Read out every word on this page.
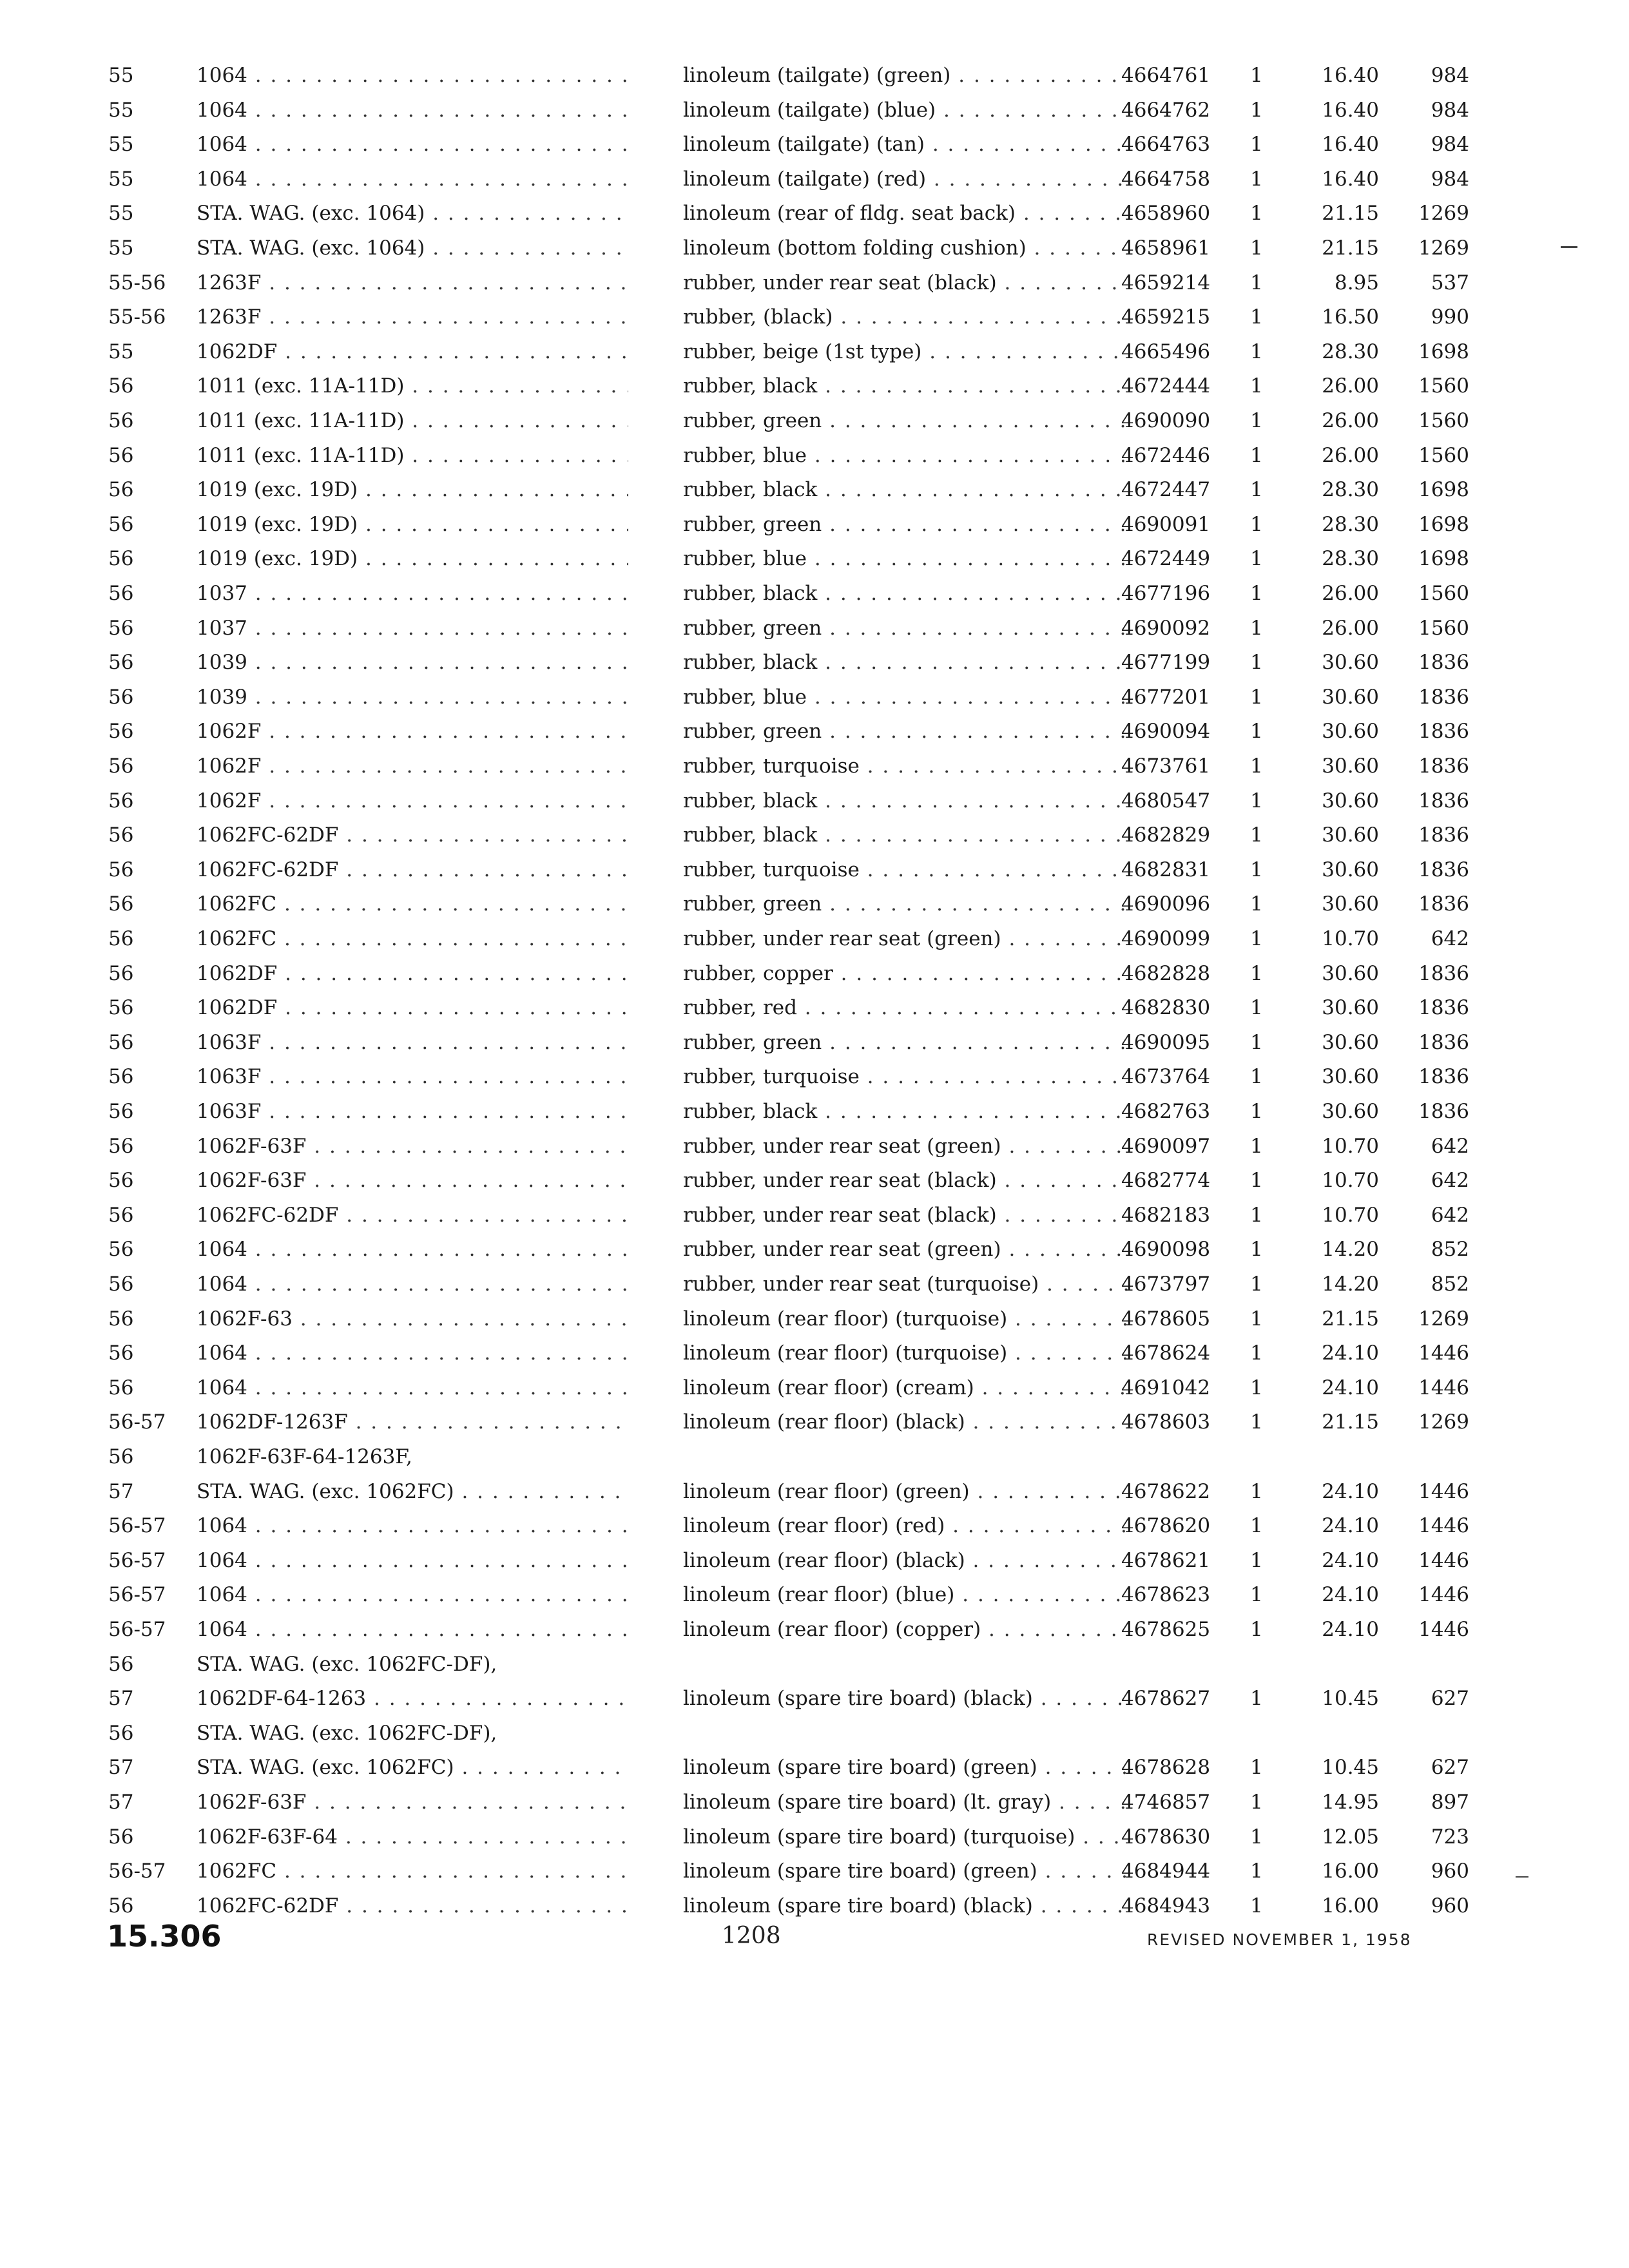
55	1064 . . .	linoleum (tailgate) (green) . . .	4664761	1	16.40	984
55	1064 . . .	linoleum (tailgate) (blue) . . .	4664762	1	16.40	984
55	1064 . . .	linoleum (tailgate) (tan) . . .	4664763	1	16.40	984
55	1064 . . .	linoleum (tailgate) (red) . . .	4664758	1	16.40	984
55	STA. WAG. (exc. 1064) . . .	linoleum (rear of fldg. seat back) . . .	4658960	1	21.15	1269
55	STA. WAG. (exc. 1064) . . .	linoleum (bottom folding cushion) . . .	4658961	1	21.15	1269
55-56	1263F . . .	rubber, under rear seat (black) . . .	4659214	1	8.95	537
55-56	1263F . . .	rubber, (black) . . .	4659215	1	16.50	990
55	1062DF . . .	rubber, beige (1st type) . . .	4665496	1	28.30	1698
56	1011 (exc. 11A-11D) . . .	rubber, black . . .	4672444	1	26.00	1560
56	1011 (exc. 11A-11D) . . .	rubber, green . . .	4690090	1	26.00	1560
56	1011 (exc. 11A-11D) . . .	rubber, blue . . .	4672446	1	26.00	1560
56	1019 (exc. 19D) . . .	rubber, black . . .	4672447	1	28.30	1698
56	1019 (exc. 19D) . . .	rubber, green . . .	4690091	1	28.30	1698
56	1019 (exc. 19D) . . .	rubber, blue . . .	4672449	1	28.30	1698
56	1037 . . .	rubber, black . . .	4677196	1	26.00	1560
56	1037 . . .	rubber, green . . .	4690092	1	26.00	1560
56	1039 . . .	rubber, black . . .	4677199	1	30.60	1836
56	1039 . . .	rubber, blue . . .	4677201	1	30.60	1836
56	1062F . . .	rubber, green . . .	4690094	1	30.60	1836
56	1062F . . .	rubber, turquoise . . .	4673761	1	30.60	1836
56	1062F . . .	rubber, black . . .	4680547	1	30.60	1836
56	1062FC-62DF . . .	rubber, black . . .	4682829	1	30.60	1836
56	1062FC-62DF . . .	rubber, turquoise . . .	4682831	1	30.60	1836
56	1062FC . . .	rubber, green . . .	4690096	1	30.60	1836
56	1062FC . . .	rubber, under rear seat (green) . . .	4690099	1	10.70	642
56	1062DF . . .	rubber, copper . . .	4682828	1	30.60	1836
56	1062DF . . .	rubber, red . . .	4682830	1	30.60	1836
56	1063F . . .	rubber, green . . .	4690095	1	30.60	1836
56	1063F . . .	rubber, turquoise . . .	4673764	1	30.60	1836
56	1063F . . .	rubber, black . . .	4682763	1	30.60	1836
56	1062F-63F . . .	rubber, under rear seat (green) . . .	4690097	1	10.70	642
56	1062F-63F . . .	rubber, under rear seat (black) . . .	4682774	1	10.70	642
56	1062FC-62DF . . .	rubber, under rear seat (black) . . .	4682183	1	10.70	642
56	1064 . . .	rubber, under rear seat (green) . . .	4690098	1	14.20	852
56	1064 . . .	rubber, under rear seat (turquoise) . . .	4673797	1	14.20	852
56	1062F-63 . . .	linoleum (rear floor) (turquoise) . . .	4678605	1	21.15	1269
56	1064 . . .	linoleum (rear floor) (turquoise) . . .	4678624	1	24.10	1446
56	1064 . . .	linoleum (rear floor) (cream) . . .	4691042	1	24.10	1446
56-57	1062DF-1263F . . .	linoleum (rear floor) (black) . . .	4678603	1	21.15	1269
56	1062F-63F-64-1263F,
57	STA. WAG. (exc. 1062FC) . . .	linoleum (rear floor) (green) . . .	4678622	1	24.10	1446
56-57	1064 . . .	linoleum (rear floor) (red) . . .	4678620	1	24.10	1446
56-57	1064 . . .	linoleum (rear floor) (black) . . .	4678621	1	24.10	1446
56-57	1064 . . .	linoleum (rear floor) (blue) . . .	4678623	1	24.10	1446
56-57	1064 . . .	linoleum (rear floor) (copper) . . .	4678625	1	24.10	1446
56	STA. WAG. (exc. 1062FC-DF),
57	1062DF-64-1263 . . .	linoleum (spare tire board) (black) . . .	4678627	1	10.45	627
56	STA. WAG. (exc. 1062FC-DF),
57	STA. WAG. (exc. 1062FC) . . .	linoleum (spare tire board) (green) . . .	4678628	1	10.45	627
57	1062F-63F . . .	linoleum (spare tire board) (lt. gray) . . .	4746857	1	14.95	897
56	1062F-63F-64 . . .	linoleum (spare tire board) (turquoise) . . .	4678630	1	12.05	723
56-57	1062FC . . .	linoleum (spare tire board) (green) . . .	4684944	1	16.00	960
56	1062FC-62DF . . .	linoleum (spare tire board) (black) . . .	4684943	1	16.00	960
15.306	1208	REVISED NOVEMBER 1, 1958
